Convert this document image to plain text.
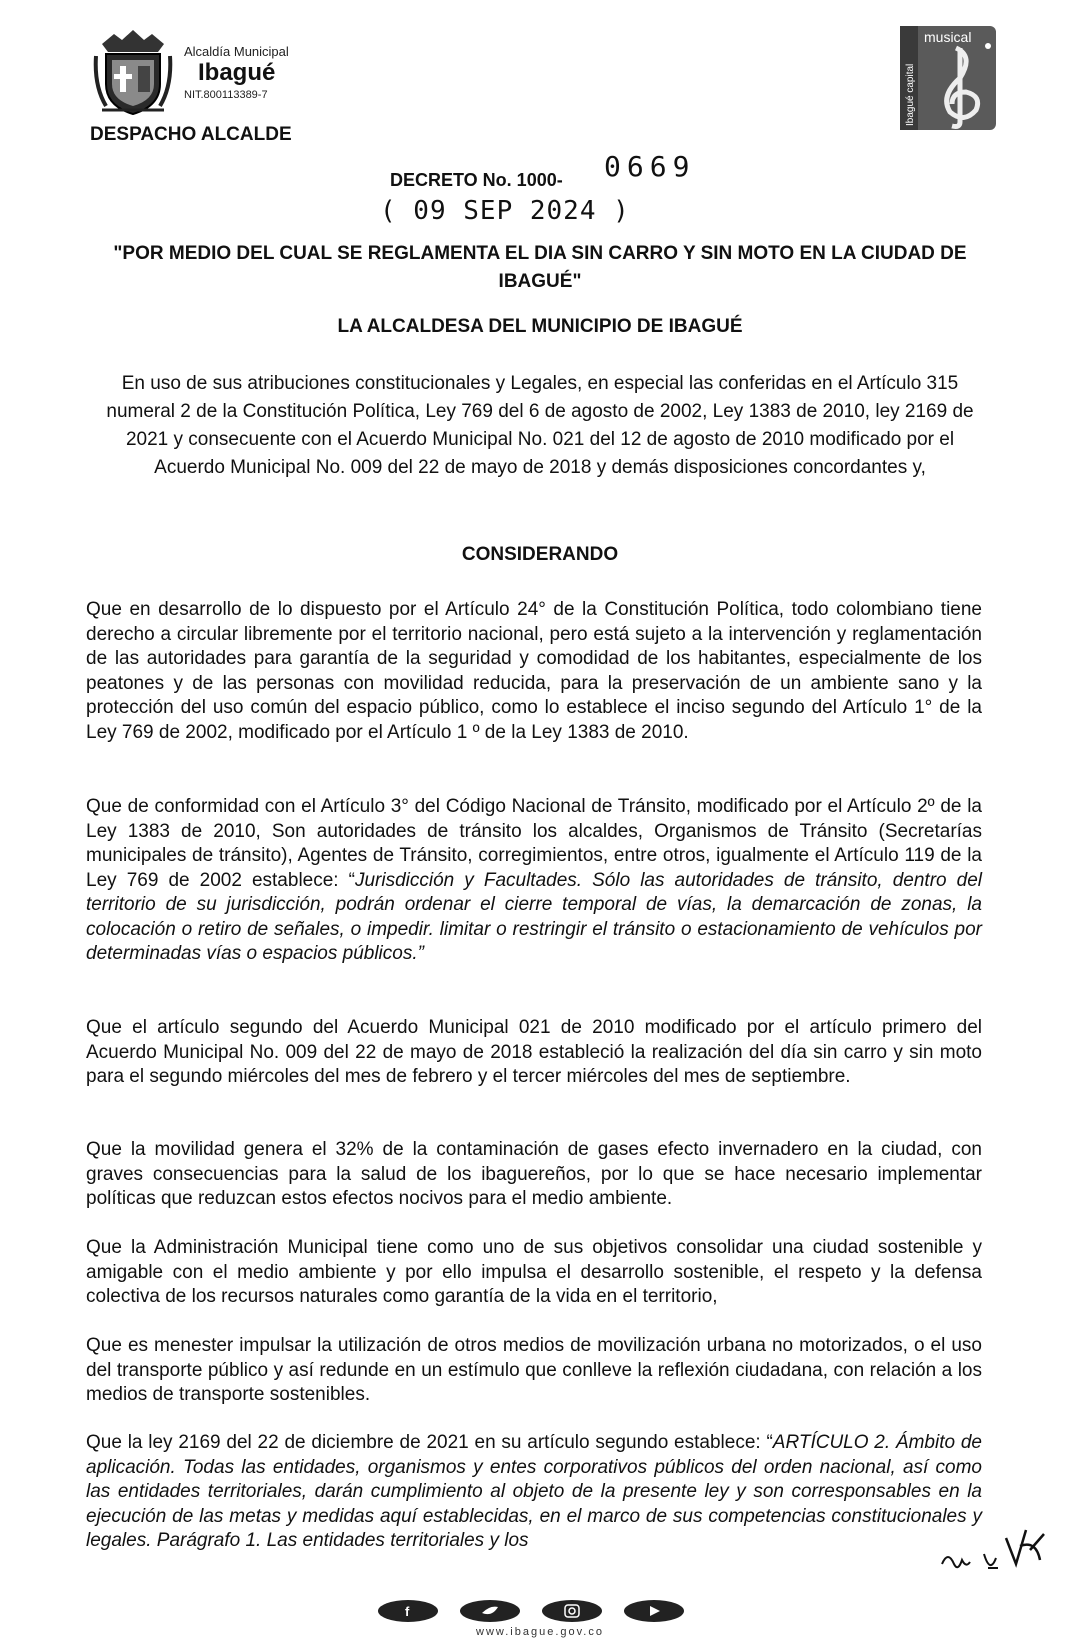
Alcaldía Municipal
Ibagué
NIT.800113389-7
DESPACHO ALCALDE
musical
Ibagué capital
DECRETO No. 1000- 0669
( 09 SEP 2024 )
"POR MEDIO DEL CUAL SE REGLAMENTA EL DIA SIN CARRO Y SIN MOTO EN LA CIUDAD DE IBAGUÉ"
LA ALCALDESA DEL MUNICIPIO DE IBAGUÉ
En uso de sus atribuciones constitucionales y Legales, en especial las conferidas en el Artículo 315 numeral 2 de la Constitución Política, Ley 769 del 6 de agosto de 2002, Ley 1383 de 2010, ley 2169 de 2021 y consecuente con el Acuerdo Municipal No. 021 del 12 de agosto de 2010 modificado por el Acuerdo Municipal No. 009 del 22 de mayo de 2018 y demás disposiciones concordantes y,
CONSIDERANDO
Que en desarrollo de lo dispuesto por el Artículo 24° de la Constitución Política, todo colombiano tiene derecho a circular libremente por el territorio nacional, pero está sujeto a la intervención y reglamentación de las autoridades para garantía de la seguridad y comodidad de los habitantes, especialmente de los peatones y de las personas con movilidad reducida, para la preservación de un ambiente sano y la protección del uso común del espacio público, como lo establece el inciso segundo del Artículo 1° de la Ley 769 de 2002, modificado por el Artículo 1 º de la Ley 1383 de 2010.
Que de conformidad con el Artículo 3° del Código Nacional de Tránsito, modificado por el Artículo 2º de la Ley 1383 de 2010, Son autoridades de tránsito los alcaldes, Organismos de Tránsito (Secretarías municipales de tránsito), Agentes de Tránsito, corregimientos, entre otros, igualmente el Artículo 119 de la Ley 769 de 2002 establece: “Jurisdicción y Facultades. Sólo las autoridades de tránsito, dentro del territorio de su jurisdicción, podrán ordenar el cierre temporal de vías, la demarcación de zonas, la colocación o retiro de señales, o impedir. limitar o restringir el tránsito o estacionamiento de vehículos por determinadas vías o espacios públicos.”
Que el artículo segundo del Acuerdo Municipal 021 de 2010 modificado por el artículo primero del Acuerdo Municipal No. 009 del 22 de mayo de 2018 estableció la realización del día sin carro y sin moto para el segundo miércoles del mes de febrero y el tercer miércoles del mes de septiembre.
Que la movilidad genera el 32% de la contaminación de gases efecto invernadero en la ciudad, con graves consecuencias para la salud de los ibaguereños, por lo que se hace necesario implementar políticas que reduzcan estos efectos nocivos para el medio ambiente.
Que la Administración Municipal tiene como uno de sus objetivos consolidar una ciudad sostenible y amigable con el medio ambiente y por ello impulsa el desarrollo sostenible, el respeto y la defensa colectiva de los recursos naturales como garantía de la vida en el territorio,
Que es menester impulsar la utilización de otros medios de movilización urbana no motorizados, o el uso del transporte público y así redunde en un estímulo que conlleve la reflexión ciudadana, con relación a los medios de transporte sostenibles.
Que la ley 2169 del 22 de diciembre de 2021 en su artículo segundo establece: “ARTÍCULO 2. Ámbito de aplicación. Todas las entidades, organismos y entes corporativos públicos del orden nacional, así como las entidades territoriales, darán cumplimiento al objeto de la presente ley y son corresponsables en la ejecución de las metas y medidas aquí establecidas, en el marco de sus competencias constitucionales y legales. Parágrafo 1. Las entidades territoriales y los
f
www.ibague.gov.co
